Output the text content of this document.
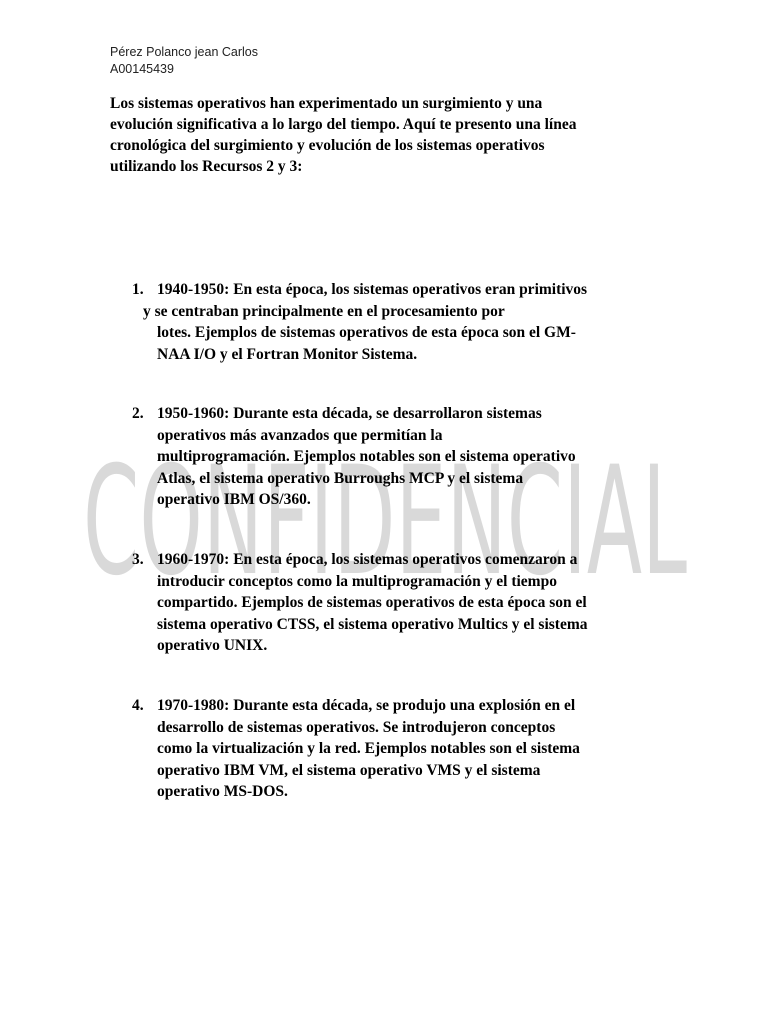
CONFIDENCIAL
Pérez Polanco jean Carlos
A00145439
Los sistemas operativos han experimentado un surgimiento y una
evolución significativa a lo largo del tiempo. Aquí te presento una línea
cronológica del surgimiento y evolución de los sistemas operativos
utilizando los Recursos 2 y 3:
1. 1940-1950: En esta época, los sistemas operativos eran primitivos
y se centraban principalmente en el procesamiento por
lotes. Ejemplos de sistemas operativos de esta época son el GM-
NAA I/O y el Fortran Monitor Sistema.
2. 1950-1960: Durante esta década, se desarrollaron sistemas
operativos más avanzados que permitían la
multiprogramación. Ejemplos notables son el sistema operativo
Atlas, el sistema operativo Burroughs MCP y el sistema
operativo IBM OS/360.
3. 1960-1970: En esta época, los sistemas operativos comenzaron a
introducir conceptos como la multiprogramación y el tiempo
compartido. Ejemplos de sistemas operativos de esta época son el
sistema operativo CTSS, el sistema operativo Multics y el sistema
operativo UNIX.
4. 1970-1980: Durante esta década, se produjo una explosión en el
desarrollo de sistemas operativos. Se introdujeron conceptos
como la virtualización y la red. Ejemplos notables son el sistema
operativo IBM VM, el sistema operativo VMS y el sistema
operativo MS-DOS.
